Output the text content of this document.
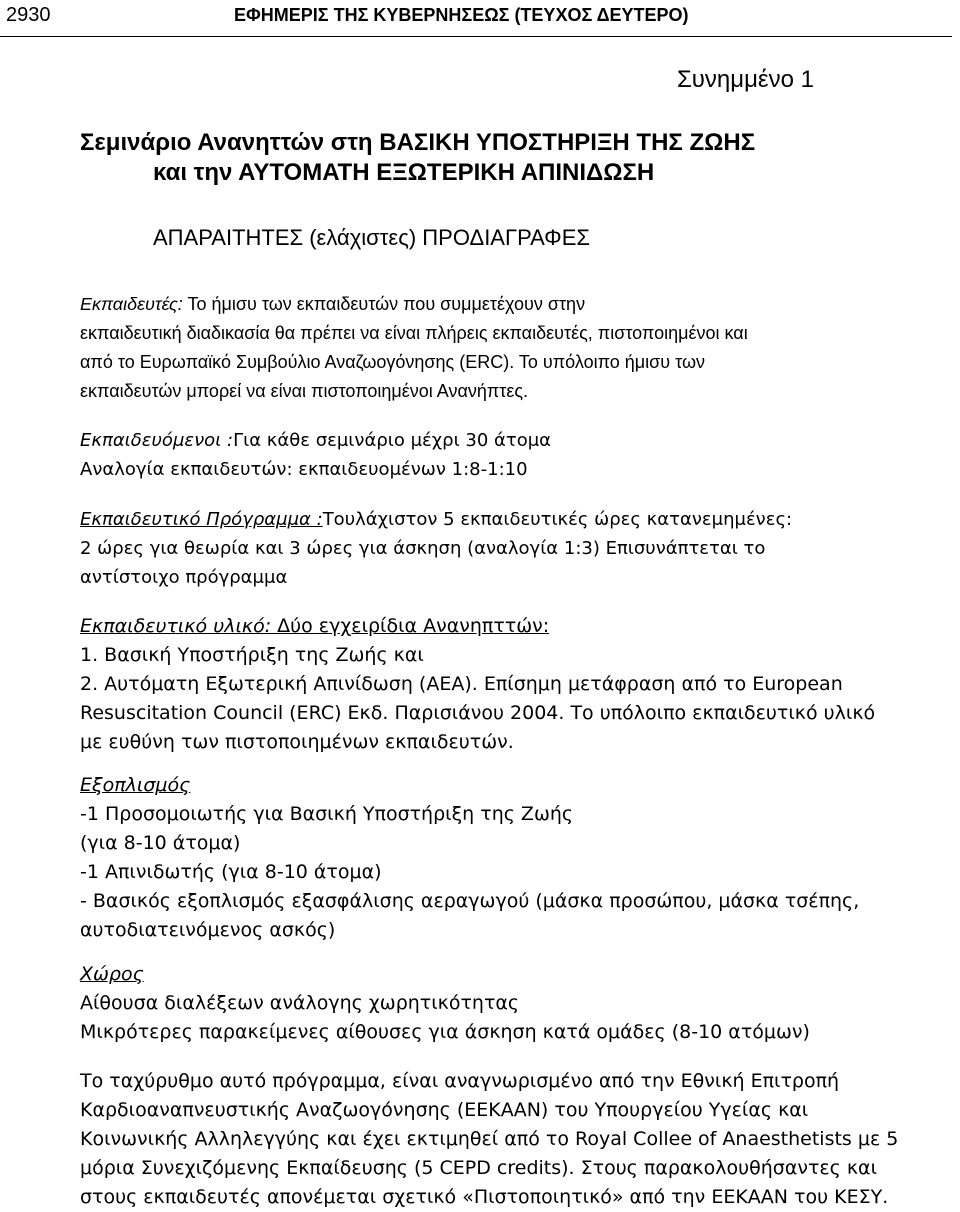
2930	ΕΦΗΜΕΡΙΣ ΤΗΣ ΚΥΒΕΡΝΗΣΕΩΣ (ΤΕΥΧΟΣ ΔΕΥΤΕΡΟ)
Συνημμένο 1
Σεμινάριο Ανανηττών στη ΒΑΣΙΚΗ ΥΠΟΣΤΗΡΙΞΗ ΤΗΣ ΖΩΗΣ
και την ΑΥΤΟΜΑΤΗ ΕΞΩΤΕΡΙΚΗ ΑΠΙΝΙΔΩΣΗ
ΑΠΑΡΑΙΤΗΤΕΣ (ελάχιστες) ΠΡΟΔΙΑΓΡΑΦΕΣ
Εκπαιδευτές: Το ήμισυ των εκπαιδευτών που συμμετέχουν στην
εκπαιδευτική διαδικασία θα πρέπει να είναι πλήρεις εκπαιδευτές, πιστοποιημένοι και
από το Ευρωπαϊκό Συμβούλιο Αναζωογόνησης (ERC). Το υπόλοιπο ήμισυ των
εκπαιδευτών μπορεί να είναι πιστοποιημένοι Ανανήπτες.
Εκπαιδευόμενοι :Για κάθε σεμινάριο μέχρι 30 άτομα
Αναλογία εκπαιδευτών: εκπαιδευομένων 1:8-1:10
Εκπαιδευτικό Πρόγραμμα :Τουλάχιστον 5 εκπαιδευτικές ώρες κατανεμημένες:
2 ώρες για θεωρία και 3 ώρες για άσκηση (αναλογία 1:3) Επισυνάπτεται το
αντίστοιχο πρόγραμμα
Εκπαιδευτικό υλικό: Δύο εγχειρίδια Ανανηπττών:
1. Βασική Υποστήριξη της Ζωής και
2. Αυτόματη Εξωτερική Απινίδωση (ΑΕΑ). Επίσημη μετάφραση από το European
Resuscitation Council (ERC) Εκδ. Παρισιάνου 2004. Το υπόλοιπο εκπαιδευτικό υλικό
με ευθύνη των πιστοποιημένων εκπαιδευτών.
Εξοπλισμός
-1 Προσομοιωτής για Βασική Υποστήριξη της Ζωής
(για 8-10 άτομα)
-1 Απινιδωτής (για 8-10 άτομα)
- Βασικός εξοπλισμός εξασφάλισης αεραγωγού (μάσκα προσώπου, μάσκα τσέπης,
αυτοδιατεινόμενος ασκός)
Χώρος
Αίθουσα διαλέξεων ανάλογης χωρητικότητας
Μικρότερες παρακείμενες αίθουσες για άσκηση κατά ομάδες (8-10 ατόμων)
Το ταχύρυθμο αυτό πρόγραμμα, είναι αναγνωρισμένο από την Εθνική Επιτροπή
Καρδιοαναπνευστικής Αναζωογόνησης (ΕΕΚΑΑΝ) του Υπουργείου Υγείας και
Κοινωνικής Αλληλεγγύης και έχει εκτιμηθεί από το Royal Collee of Anaesthetists με 5
μόρια Συνεχιζόμενης Εκπαίδευσης (5 CEPD credits). Στους παρακολουθήσαντες και
στους εκπαιδευτές απονέμεται σχετικό «Πιστοποιητικό» από την ΕΕΚΑΑΝ του ΚΕΣΥ.
